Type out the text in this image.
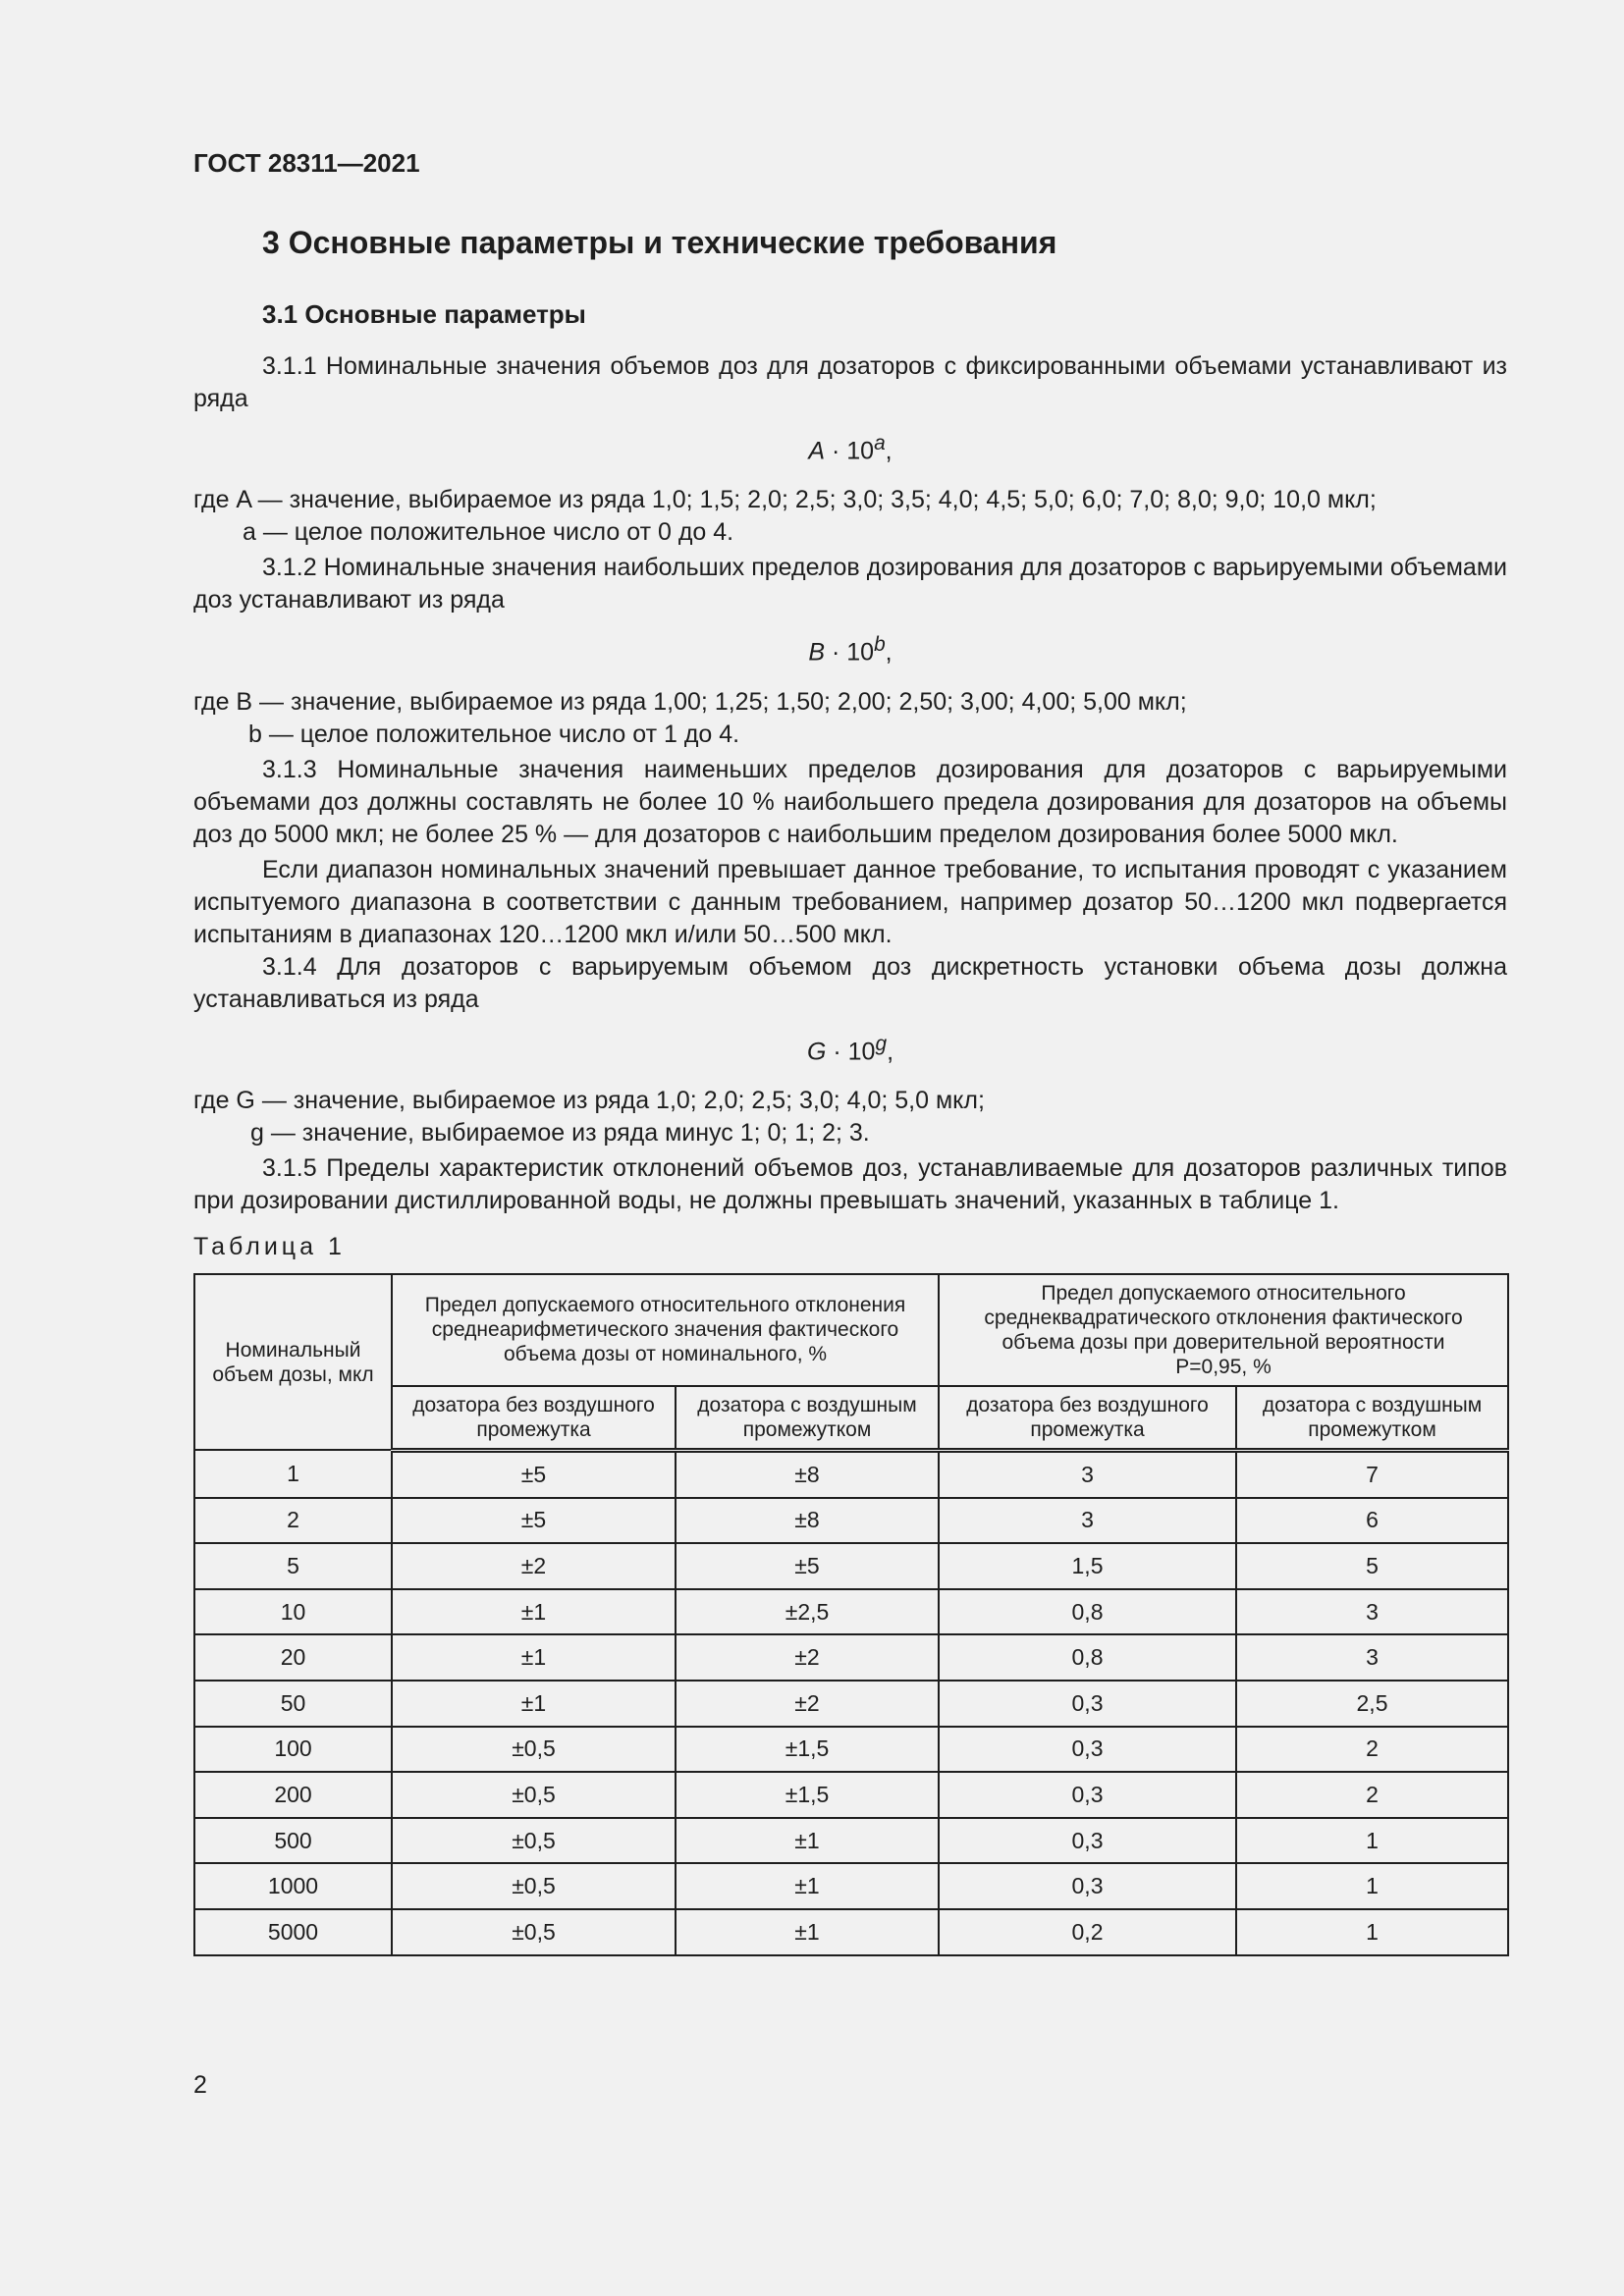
ГОСТ 28311—2021
3 Основные параметры и технические требования
3.1 Основные параметры

3.1.1 Номинальные значения объемов доз для дозаторов с фиксированными объемами устанавливают из ряда

$A \cdot 10^a$,

где A — значение, выбираемое из ряда 1,0; 1,5; 2,0; 2,5; 3,0; 3,5; 4,0; 4,5; 5,0; 6,0; 7,0; 8,0; 9,0; 10,0 мкл;

a — целое положительное число от 0 до 4.

3.1.2 Номинальные значения наибольших пределов дозирования для дозаторов с варьируемыми объемами доз устанавливают из ряда

$B \cdot 10^b$,

где B — значение, выбираемое из ряда 1,00; 1,25; 1,50; 2,00; 2,50; 3,00; 4,00; 5,00 мкл;

b — целое положительное число от 1 до 4.

3.1.3 Номинальные значения наименьших пределов дозирования для дозаторов с варьируемыми объемами доз должны составлять не более 10 % наибольшего предела дозирования для дозаторов на объемы доз до 5000 мкл; не более 25 % — для дозаторов с наибольшим пределом дозирования более 5000 мкл.

Если диапазон номинальных значений превышает данное требование, то испытания проводят с указанием испытуемого диапазона в соответствии с данным требованием, например дозатор 50…1200 мкл подвергается испытаниям в диапазонах 120…1200 мкл и/или 50…500 мкл.

3.1.4 Для дозаторов с варьируемым объемом доз дискретность установки объема дозы должна устанавливаться из ряда

$G \cdot 10^g$,

где G — значение, выбираемое из ряда 1,0; 2,0; 2,5; 3,0; 4,0; 5,0 мкл;

g — значение, выбираемое из ряда минус 1; 0; 1; 2; 3.

3.1.5 Пределы характеристик отклонений объемов доз, устанавливаемые для дозаторов различных типов при дозировании дистиллированной воды, не должны превышать значений, указанных в таблице 1.

Таблица 1
Номинальный объем дозы, мкл	Предел допускаемого относительного отклонения среднеарифметического значения фактического объема дозы от номинального, %		Предел допускаемого относительного среднеквадратического отклонения фактического объема дозы при доверительной вероятности
P=0,95, %	
	дозатора без воздушного промежутка	дозатора с воздушным промежутком	дозатора без воздушного промежутка	дозатора с воздушным промежутком
1	±5	±8	3	7
2	±5	±8	3	6
5	±2	±5	1,5	5
10	±1	±2,5	0,8	3
20	±1	±2	0,8	3
50	±1	±2	0,3	2,5
100	±0,5	±1,5	0,3	2
200	±0,5	±1,5	0,3	2
500	±0,5	±1	0,3	1
1000	±0,5	±1	0,3	1
5000	±0,5	±1	0,2	1
2
